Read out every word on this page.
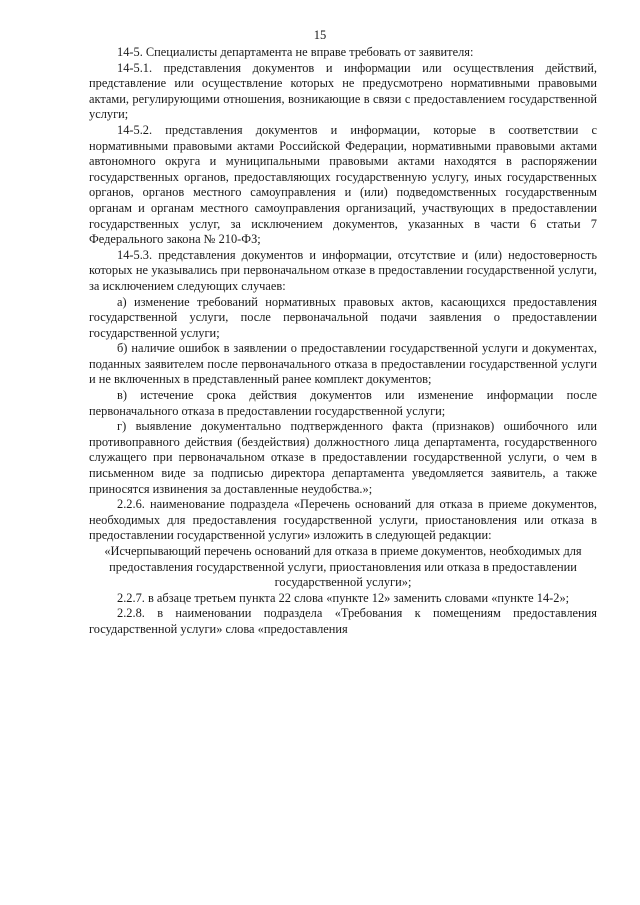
15

14-5. Специалисты департамента не вправе требовать от заявителя:

14-5.1. представления документов и информации или осуществления действий, представление или осуществление которых не предусмотрено нормативными правовыми актами, регулирующими отношения, возникающие в связи с предоставлением государственной услуги;

14-5.2. представления документов и информации, которые в соответствии с нормативными правовыми актами Российской Федерации, нормативными правовыми актами автономного округа и муниципальными правовыми актами находятся в распоряжении государственных органов, предоставляющих государственную услугу, иных государственных органов, органов местного самоуправления и (или) подведомственных государственным органам и органам местного самоуправления организаций, участвующих в предоставлении государственных услуг, за исключением документов, указанных в части 6 статьи 7 Федерального закона № 210-ФЗ;

14-5.3. представления документов и информации, отсутствие и (или) недостоверность которых не указывались при первоначальном отказе в предоставлении государственной услуги, за исключением следующих случаев:

а) изменение требований нормативных правовых актов, касающихся предоставления государственной услуги, после первоначальной подачи заявления о предоставлении государственной услуги;

б) наличие ошибок в заявлении о предоставлении государственной услуги и документах, поданных заявителем после первоначального отказа в предоставлении государственной услуги и не включенных в представленный ранее комплект документов;

в) истечение срока действия документов или изменение информации после первоначального отказа в предоставлении государственной услуги;

г) выявление документально подтвержденного факта (признаков) ошибочного или противоправного действия (бездействия) должностного лица департамента, государственного служащего при первоначальном отказе в предоставлении государственной услуги, о чем в письменном виде за подписью директора департамента уведомляется заявитель, а также приносятся извинения за доставленные неудобства.»;

2.2.6. наименование подраздела «Перечень оснований для отказа в приеме документов, необходимых для предоставления государственной услуги, приостановления или отказа в предоставлении государственной услуги» изложить в следующей редакции:

«Исчерпывающий перечень оснований для отказа в приеме документов, необходимых для предоставления государственной услуги, приостановления или отказа в предоставлении государственной услуги»;

2.2.7. в абзаце третьем пункта 22 слова «пункте 12» заменить словами «пункте 14-2»;

2.2.8. в наименовании подраздела «Требования к помещениям предоставления государственной услуги» слова «предоставления
